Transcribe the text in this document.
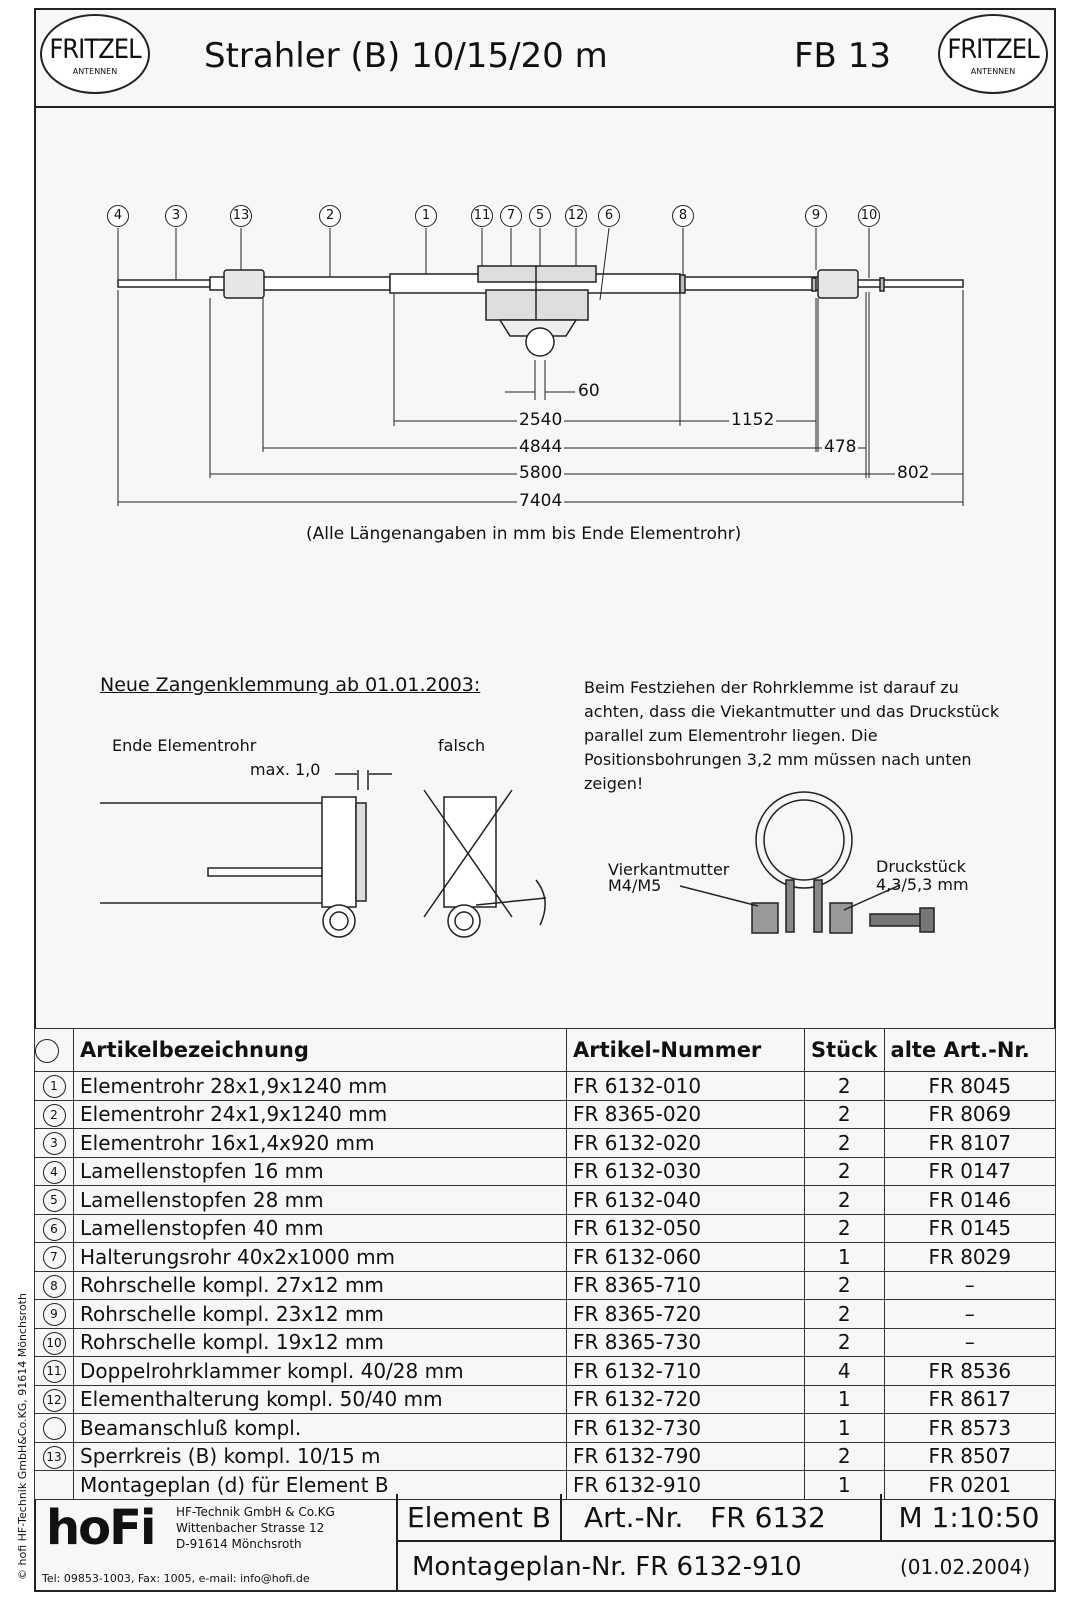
© hofi HF-Technik GmbH&Co.KG, 91614 Mönchsroth
FRITZEL
ANTENNEN	Strahler (B) 10/15/20 m	FB 13 FRITZEL
ANTENNEN
4	3	13	2	1	11	7	5	12	6	8	9	10
60
2540	1152
4844	478
5800	802
7404
(Alle Längenangaben in mm bis Ende Elementrohr)
Neue Zangenklemmung ab 01.01.2003:	Beim Festziehen der Rohrklemme ist darauf zu achten, dass die Viekantmutter und das Druckstück parallel zum Elementrohr liegen. Die Positionsbohrungen 3,2 mm müssen nach unten zeigen!
Ende Elementrohr
max. 1,0
falsch
Vierkantmutter
M4/M5
Druckstück
4,3/5,3 mm
	Artikelbezeichnung	Artikel-Nummer	Stück	alte Art.-Nr.
1	Elementrohr 28x1,9x1240 mm	FR 6132-010	2	FR 8045
2	Elementrohr 24x1,9x1240 mm	FR 8365-020	2	FR 8069
3	Elementrohr 16x1,4x920 mm	FR 6132-020	2	FR 8107
4	Lamellenstopfen 16 mm	FR 6132-030	2	FR 0147
5	Lamellenstopfen 28 mm	FR 6132-040	2	FR 0146
6	Lamellenstopfen 40 mm	FR 6132-050	2	FR 0145
7	Halterungsrohr 40x2x1000 mm	FR 6132-060	1	FR 8029
8	Rohrschelle kompl. 27x12 mm	FR 8365-710	2	–
9	Rohrschelle kompl. 23x12 mm	FR 8365-720	2	–
10	Rohrschelle kompl. 19x12 mm	FR 8365-730	2	–
11	Doppelrohrklammer kompl. 40/28 mm	FR 6132-710	4	FR 8536
12	Elementhalterung kompl. 50/40 mm	FR 6132-720	1	FR 8617
	Beamanschluß kompl.	FR 6132-730	1	FR 8573
13	Sperrkreis (B) kompl. 10/15 m	FR 6132-790	2	FR 8507
	Montageplan (d) für Element B	FR 6132-910	1	FR 0201
hoFi HF-Technik GmbH & Co.KG
Wittenbacher Strasse 12
D-91614 Mönchsroth
Tel: 09853-1003, Fax: 1005, e-mail: info@hofi.de
Element B	Art.-Nr. FR 6132	M 1:10:50
Montageplan-Nr. FR 6132-910	(01.02.2004)
